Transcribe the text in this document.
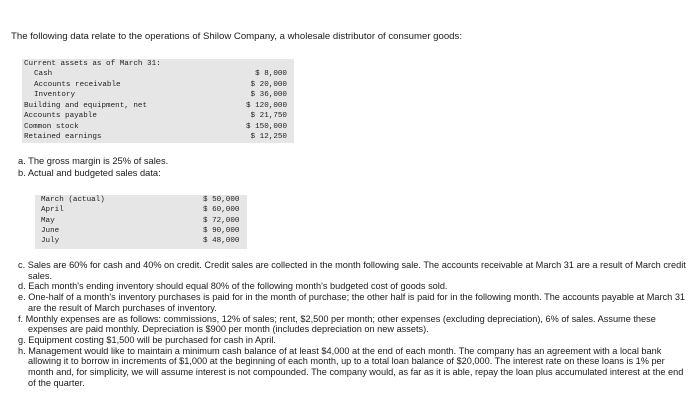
The following data relate to the operations of Shilow Company, a wholesale distributor of consumer goods:
Current assets as of March 31:
Cash	$ 8,000
Accounts receivable	$ 20,000
Inventory	$ 36,000
Building and equipment, net	$ 120,000
Accounts payable	$ 21,750
Common stock	$ 150,000
Retained earnings	$ 12,250
a. The gross margin is 25% of sales.
b. Actual and budgeted sales data:
March (actual)	$ 50,000
April	$ 60,000
May	$ 72,000
June	$ 90,000
July	$ 48,000

c. Sales are 60% for cash and 40% on credit. Credit sales are collected in the month following sale. The accounts receivable at March 31 are a result of March credit sales.

d. Each month's ending inventory should equal 80% of the following month's budgeted cost of goods sold.

e. One-half of a month's inventory purchases is paid for in the month of purchase; the other half is paid for in the following month. The accounts payable at March 31 are the result of March purchases of inventory.

f. Monthly expenses are as follows: commissions, 12% of sales; rent, $2,500 per month; other expenses (excluding depreciation), 6% of sales. Assume these expenses are paid monthly. Depreciation is $900 per month (includes depreciation on new assets).

g. Equipment costing $1,500 will be purchased for cash in April.

h. Management would like to maintain a minimum cash balance of at least $4,000 at the end of each month. The company has an agreement with a local bank allowing it to borrow in increments of $1,000 at the beginning of each month, up to a total loan balance of $20,000. The interest rate on these loans is 1% per month and, for simplicity, we will assume interest is not compounded. The company would, as far as it is able, repay the loan plus accumulated interest at the end of the quarter.
